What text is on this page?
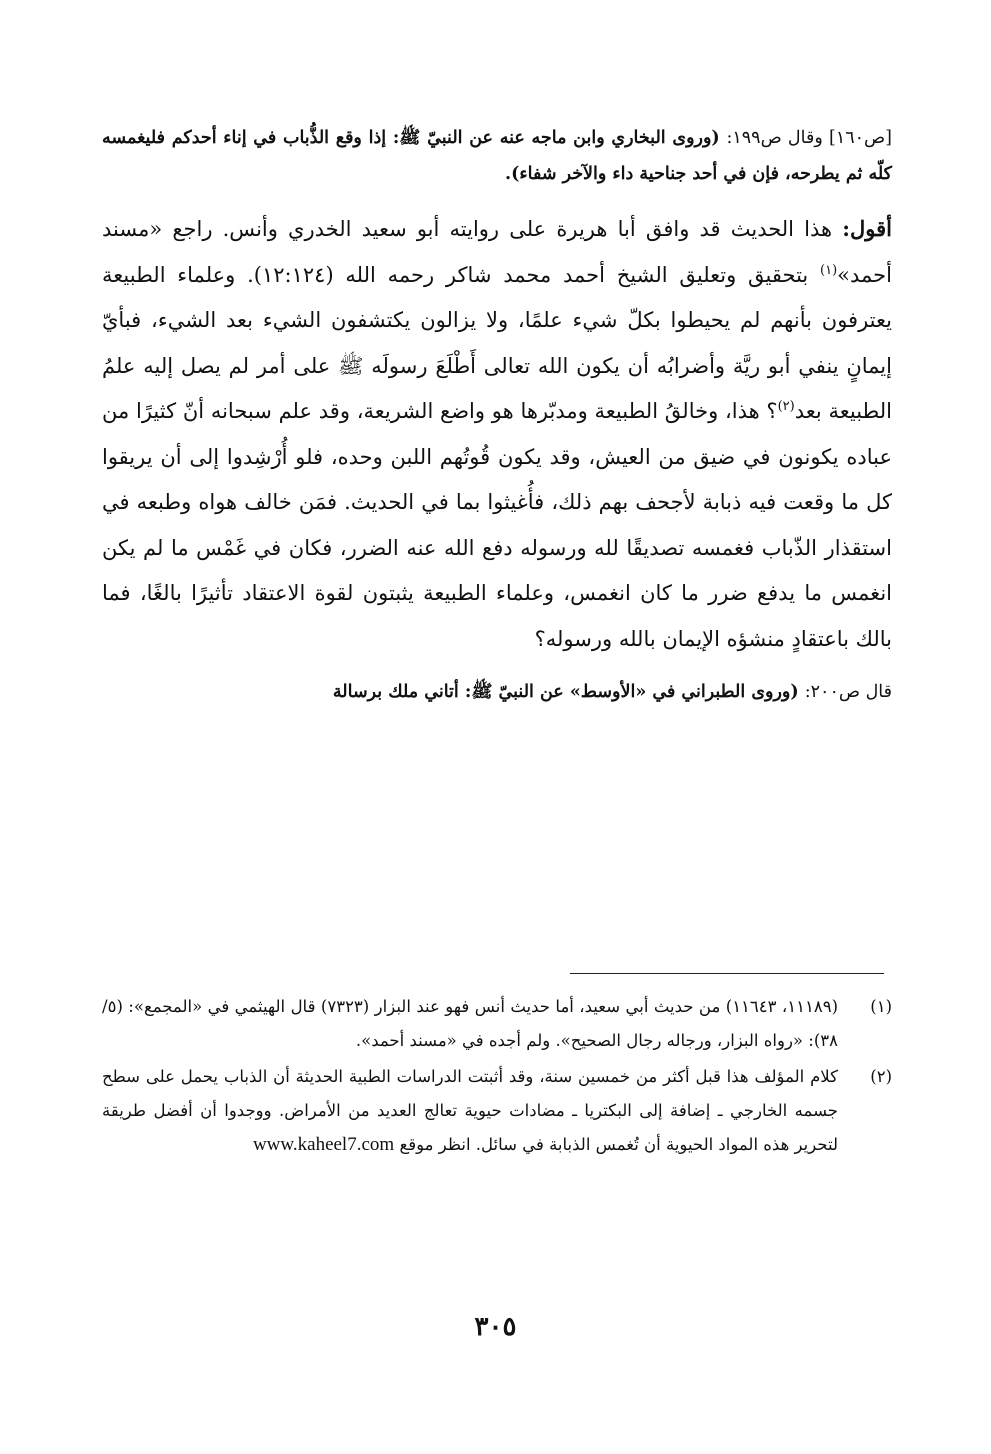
[ص١٦٠] وقال ص١٩٩: (وروى البخاري وابن ماجه عنه عن النبيّ ﷺ: إذا وقع الذُّباب في إناء أحدكم فليغمسه كلّه ثم يطرحه، فإن في أحد جناحية داء والآخر شفاء).

أقول: هذا الحديث قد وافق أبا هريرة على روايته أبو سعيد الخدري وأنس. راجع «مسند أحمد»$^{(١)}$ بتحقيق وتعليق الشيخ أحمد محمد شاكر رحمه الله (١٢:١٢٤). وعلماء الطبيعة يعترفون بأنهم لم يحيطوا بكلّ شيء علمًا، ولا يزالون يكتشفون الشيء بعد الشيء، فبأيّ إيمانٍ ينفي أبو ريَّة وأضرابُه أن يكون الله تعالى أَطْلَعَ رسولَه ﷺ على أمر لم يصل إليه علمُ الطبيعة بعد$^{(٢)}$؟ هذا، وخالقُ الطبيعة ومدبّرها هو واضع الشريعة، وقد علم سبحانه أنّ كثيرًا من عباده يكونون في ضيق من العيش، وقد يكون قُوتُهم اللبن وحده، فلو أُرْشِدوا إلى أن يريقوا كل ما وقعت فيه ذبابة لأجحف بهم ذلك، فأُغيثوا بما في الحديث. فمَن خالف هواه وطبعه في استقذار الذّباب فغمسه تصديقًا لله ورسوله دفع الله عنه الضرر، فكان في غَمْس ما لم يكن انغمس ما يدفع ضرر ما كان انغمس، وعلماء الطبيعة يثبتون لقوة الاعتقاد تأثيرًا بالغًا، فما بالك باعتقادٍ منشؤه الإيمان بالله ورسوله؟

قال ص٢٠٠: (وروى الطبراني في «الأوسط» عن النبيّ ﷺ: أتاني ملك برسالة

(١)
(١١١٨٩، ١١٦٤٣) من حديث أبي سعيد، أما حديث أنس فهو عند البزار (٧٣٢٣) قال الهيثمي في «المجمع»: (٥/ ٣٨): «رواه البزار، ورجاله رجال الصحيح». ولم أجده في «مسند أحمد».
(٢)
كلام المؤلف هذا قبل أكثر من خمسين سنة، وقد أثبتت الدراسات الطبية الحديثة أن الذباب يحمل على سطح جسمه الخارجي ـ إضافة إلى البكتريا ـ مضادات حيوية تعالج العديد من الأمراض. ووجدوا أن أفضل طريقة لتحرير هذه المواد الحيوية أن تُغمس الذبابة في سائل. انظر موقع www.kaheel7.com
٣٠٥
